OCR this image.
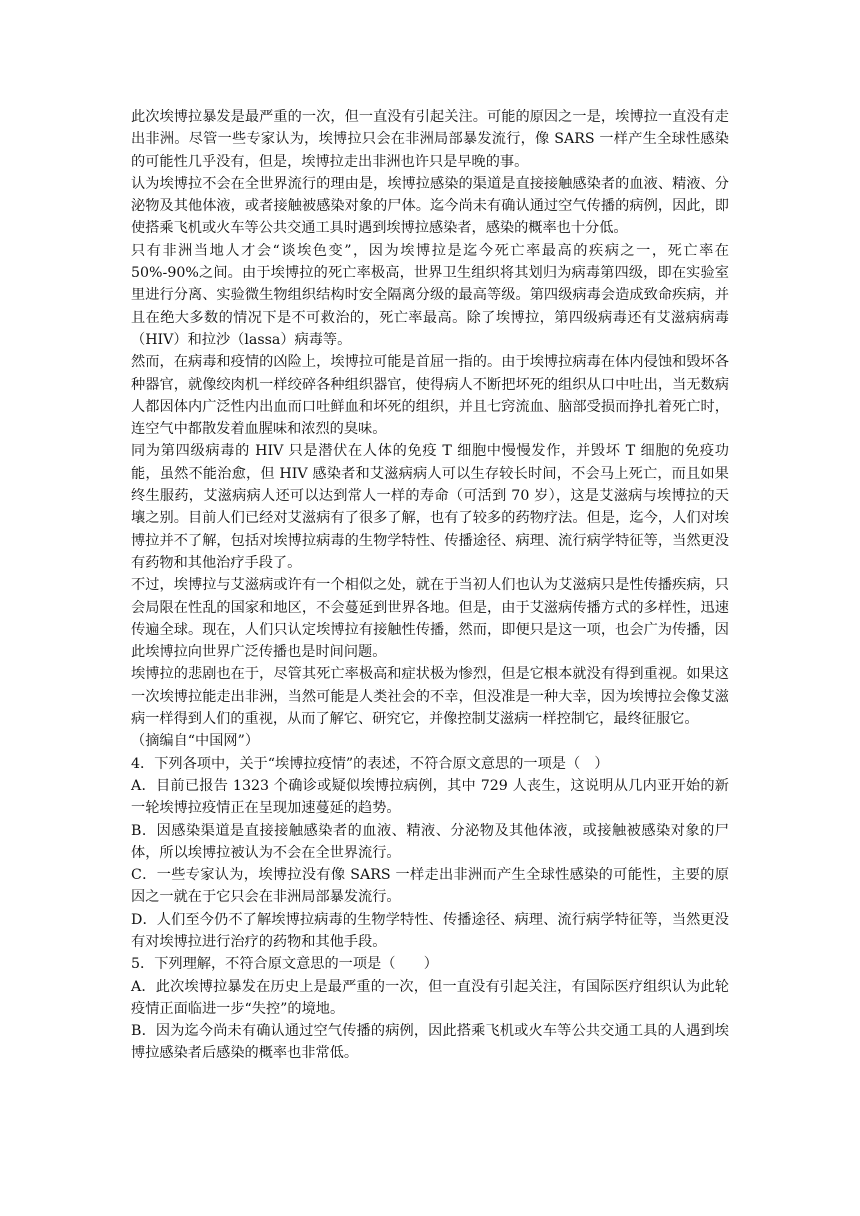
此次埃博拉暴发是最严重的一次，但一直没有引起关注。可能的原因之一是，埃博拉一直没有走出非洲。尽管一些专家认为，埃博拉只会在非洲局部暴发流行，像 SARS 一样产生全球性感染的可能性几乎没有，但是，埃博拉走出非洲也许只是早晚的事。

认为埃博拉不会在全世界流行的理由是，埃博拉感染的渠道是直接接触感染者的血液、精液、分泌物及其他体液，或者接触被感染对象的尸体。迄今尚未有确认通过空气传播的病例，因此，即使搭乘飞机或火车等公共交通工具时遇到埃博拉感染者，感染的概率也十分低。

只有非洲当地人才会“谈埃色变”，因为埃博拉是迄今死亡率最高的疾病之一，死亡率在50%-90%之间。由于埃博拉的死亡率极高，世界卫生组织将其划归为病毒第四级，即在实验室里进行分离、实验微生物组织结构时安全隔离分级的最高等级。第四级病毒会造成致命疾病，并且在绝大多数的情况下是不可救治的，死亡率最高。除了埃博拉，第四级病毒还有艾滋病病毒（HIV）和拉沙（lassa）病毒等。

然而，在病毒和疫情的凶险上，埃博拉可能是首屈一指的。由于埃博拉病毒在体内侵蚀和毁坏各种器官，就像绞肉机一样绞碎各种组织器官，使得病人不断把坏死的组织从口中吐出，当无数病人都因体内广泛性内出血而口吐鲜血和坏死的组织，并且七窍流血、脑部受损而挣扎着死亡时，连空气中都散发着血腥味和浓烈的臭味。

同为第四级病毒的 HIV 只是潜伏在人体的免疫 T 细胞中慢慢发作，并毁坏 T 细胞的免疫功能，虽然不能治愈，但 HIV 感染者和艾滋病病人可以生存较长时间，不会马上死亡，而且如果终生服药，艾滋病病人还可以达到常人一样的寿命（可活到 70 岁），这是艾滋病与埃博拉的天壤之别。目前人们已经对艾滋病有了很多了解，也有了较多的药物疗法。但是，迄今，人们对埃博拉并不了解，包括对埃博拉病毒的生物学特性、传播途径、病理、流行病学特征等，当然更没有药物和其他治疗手段了。

不过，埃博拉与艾滋病或许有一个相似之处，就在于当初人们也认为艾滋病只是性传播疾病，只会局限在性乱的国家和地区，不会蔓延到世界各地。但是，由于艾滋病传播方式的多样性，迅速传遍全球。现在，人们只认定埃博拉有接触性传播，然而，即便只是这一项，也会广为传播，因此埃博拉向世界广泛传播也是时间问题。

埃博拉的悲剧也在于，尽管其死亡率极高和症状极为惨烈，但是它根本就没有得到重视。如果这一次埃博拉能走出非洲，当然可能是人类社会的不幸，但没准是一种大幸，因为埃博拉会像艾滋病一样得到人们的重视，从而了解它、研究它，并像控制艾滋病一样控制它，最终征服它。

（摘编自“中国网”）

4．下列各项中，关于“埃博拉疫情”的表述，不符合原文意思的一项是（　）

A．目前已报告 1323 个确诊或疑似埃博拉病例，其中 729 人丧生，这说明从几内亚开始的新一轮埃博拉疫情正在呈现加速蔓延的趋势。

B．因感染渠道是直接接触感染者的血液、精液、分泌物及其他体液，或接触被感染对象的尸体，所以埃博拉被认为不会在全世界流行。

C．一些专家认为，埃博拉没有像 SARS 一样走出非洲而产生全球性感染的可能性，主要的原因之一就在于它只会在非洲局部暴发流行。

D．人们至今仍不了解埃博拉病毒的生物学特性、传播途径、病理、流行病学特征等，当然更没有对埃博拉进行治疗的药物和其他手段。

5．下列理解，不符合原文意思的一项是（　　）

A．此次埃博拉暴发在历史上是最严重的一次，但一直没有引起关注，有国际医疗组织认为此轮疫情正面临进一步“失控”的境地。

B．因为迄今尚未有确认通过空气传播的病例，因此搭乘飞机或火车等公共交通工具的人遇到埃博拉感染者后感染的概率也非常低。
